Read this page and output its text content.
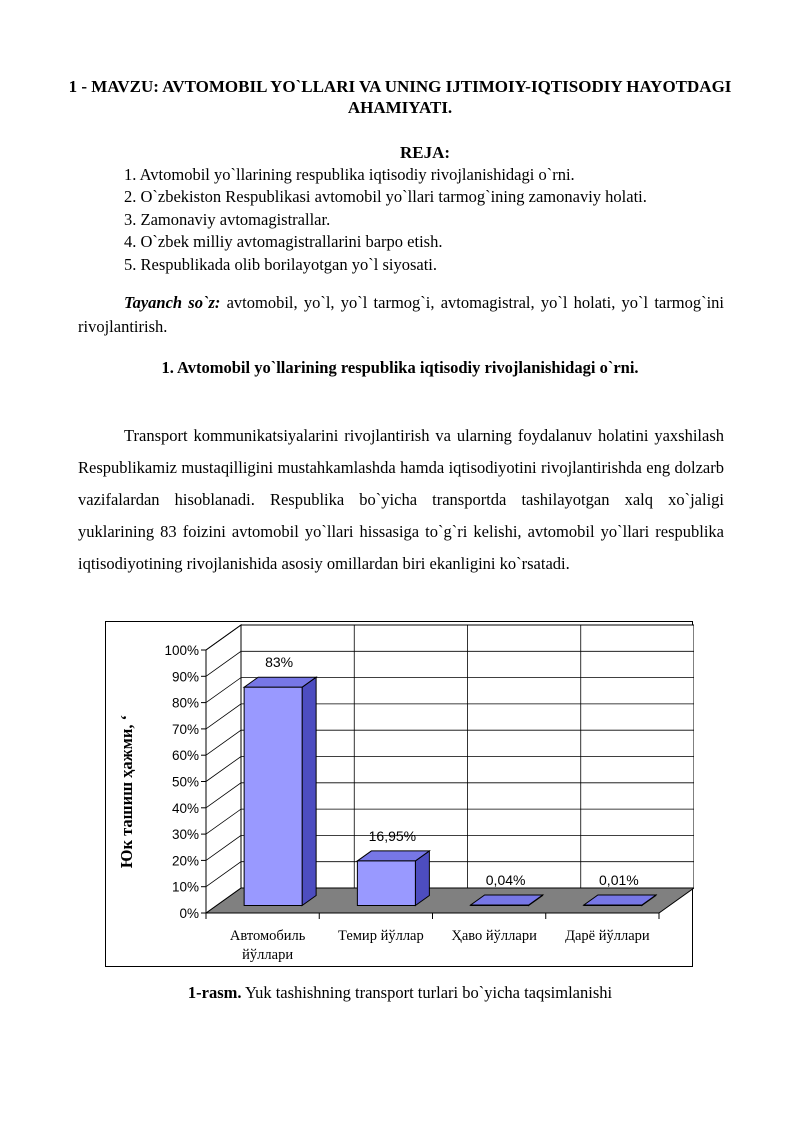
1 - MAVZU: AVTOMOBIL YO`LLARI VA UNING IJTIMOIY-IQTISODIY HAYOTDAGI AHAMIYATI.
REJA:
1. Avtomobil yo`llarining respublika iqtisodiy rivojlanishidagi o`rni.
2. O`zbekiston Respublikasi avtomobil yo`llari tarmog`ining zamonaviy holati.
3. Zamonaviy avtomagistrallar.
4. O`zbek milliy avtomagistrallarini barpo etish.
5. Respublikada olib borilayotgan yo`l siyosati.
Tayanch so`z: avtomobil, yo`l, yo`l tarmog`i, avtomagistral, yo`l holati, yo`l tarmog`ini rivojlantirish.
1. Avtomobil yo`llarining respublika iqtisodiy rivojlanishidagi o`rni.
Transport kommunikatsiyalarini rivojlantirish va ularning foydalanuv holatini yaxshilash Respublikamiz mustaqilligini mustahkamlashda hamda iqtisodiyotini rivojlantirishda eng dolzarb vazifalardan hisoblanadi. Respublika bo`yicha transportda tashilayotgan xalq xo`jaligi yuklarining 83 foizini avtomobil yo`llari hissasiga to`g`ri kelishi, avtomobil yo`llari respublika iqtisodiyotining rivojlanishida asosiy omillardan biri ekanligini ko`rsatadi.
0%
10%
20%
30%
40%
50%
60%
70%
80%
90%
100%
83%
16,95%
0,04%	0,01%
Автомобиль
йўллари
Темир йўллар Ҳаво йўллари Дарё йўллари
Юк ташиш ҳажми, ‘
1-rasm. Yuk tashishning transport turlari bo`yicha taqsimlanishi
